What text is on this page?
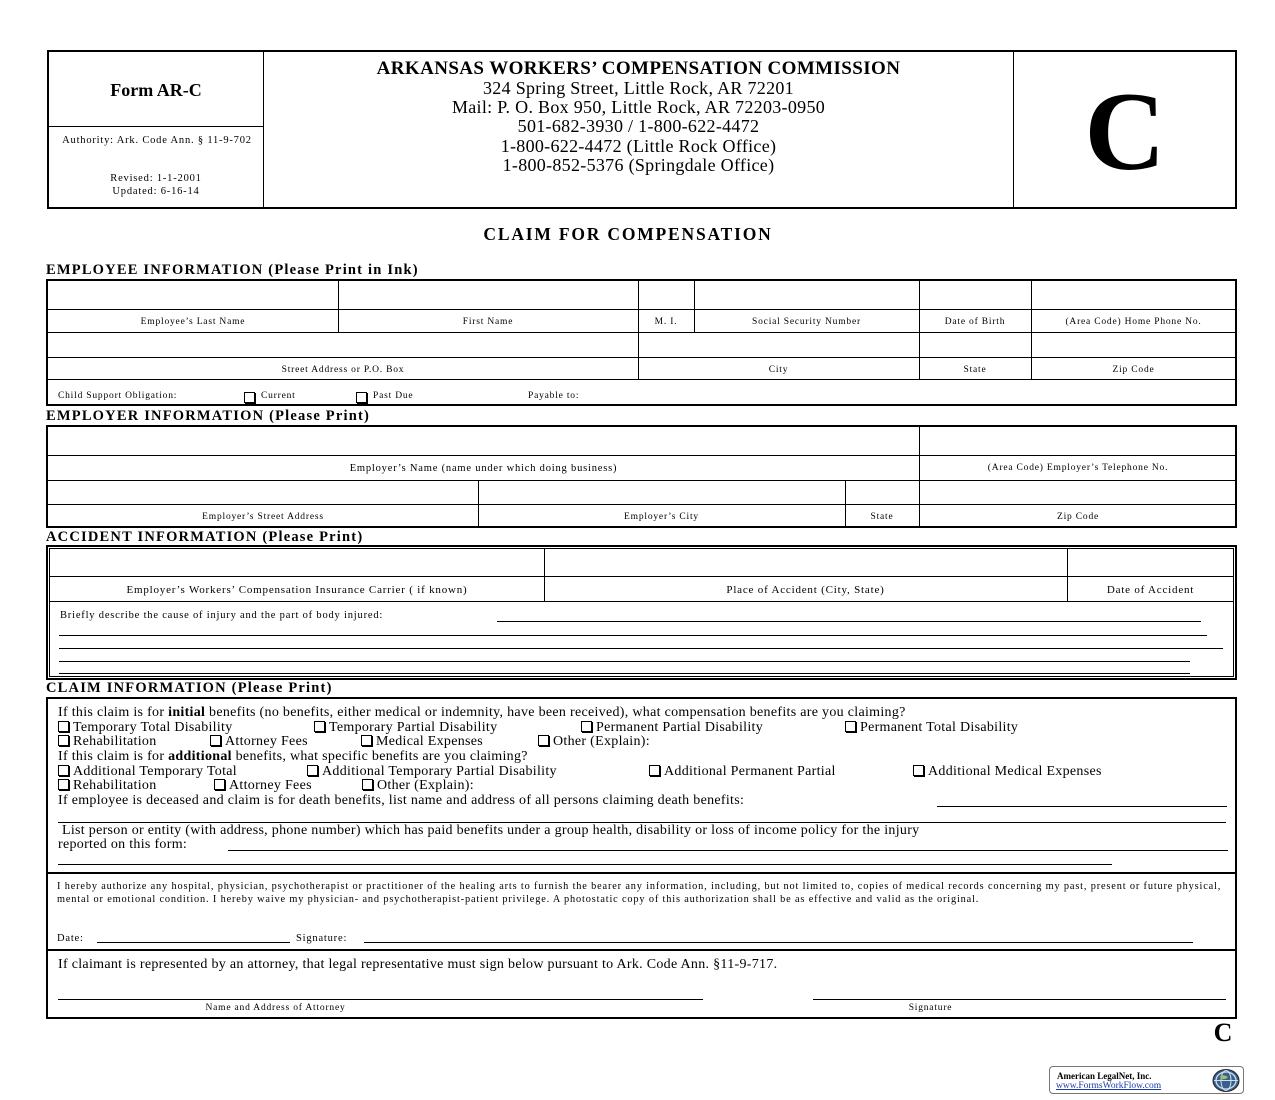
Form AR-C
Authority: Ark. Code Ann. § 11-9-702
Revised: 1-1-2001
Updated: 6-16-14
ARKANSAS WORKERS’ COMPENSATION COMMISSION
324 Spring Street, Little Rock, AR 72201
Mail: P. O. Box 950, Little Rock, AR 72203-0950
501-682-3930 / 1-800-622-4472
1-800-622-4472 (Little Rock Office)
1-800-852-5376 (Springdale Office)	C
CLAIM FOR COMPENSATION
EMPLOYEE INFORMATION (Please Print in Ink)
Employee’s Last Name	First Name	M. I.	Social Security Number	Date of Birth	(Area Code) Home Phone No.
Street Address or P.O. Box	City	State	Zip Code
Child Support Obligation:	Current	Past Due	Payable to:
EMPLOYER INFORMATION (Please Print)
Employer’s Name (name under which doing business)	(Area Code) Employer’s Telephone No.
Employer’s Street Address	Employer’s City	State	Zip Code
ACCIDENT INFORMATION (Please Print)
Employer’s Workers’ Compensation Insurance Carrier ( if known)	Place of Accident (City, State)	Date of Accident
Briefly describe the cause of injury and the part of body injured:
CLAIM INFORMATION (Please Print)
If this claim is for initial benefits (no benefits, either medical or indemnity, have been received), what compensation benefits are you claiming?
Temporary Total Disability	Temporary Partial Disability	Permanent Partial Disability	Permanent Total Disability
Rehabilitation	Attorney Fees	Medical Expenses	Other (Explain):
If this claim is for additional benefits, what specific benefits are you claiming?
Additional Temporary Total	Additional Temporary Partial Disability	Additional Permanent Partial	Additional Medical Expenses
Rehabilitation	Attorney Fees	Other (Explain):
If employee is deceased and claim is for death benefits, list name and address of all persons claiming death benefits:
List person or entity (with address, phone number) which has paid benefits under a group health, disability or loss of income policy for the injury
reported on this form:
I hereby authorize any hospital, physician, psychotherapist or practitioner of the healing arts to furnish the bearer any information, including, but not limited to, copies of medical records concerning my past, present or future physical, mental or emotional condition. I hereby waive my physician- and psychotherapist-patient privilege. A photostatic copy of this authorization shall be as effective and valid as the original.
Date:	Signature:
If claimant is represented by an attorney, that legal representative must sign below pursuant to Ark. Code Ann. §11-9-717.
Name and Address of Attorney	Signature
C
American LegalNet, Inc.
www.FormsWorkFlow.com
